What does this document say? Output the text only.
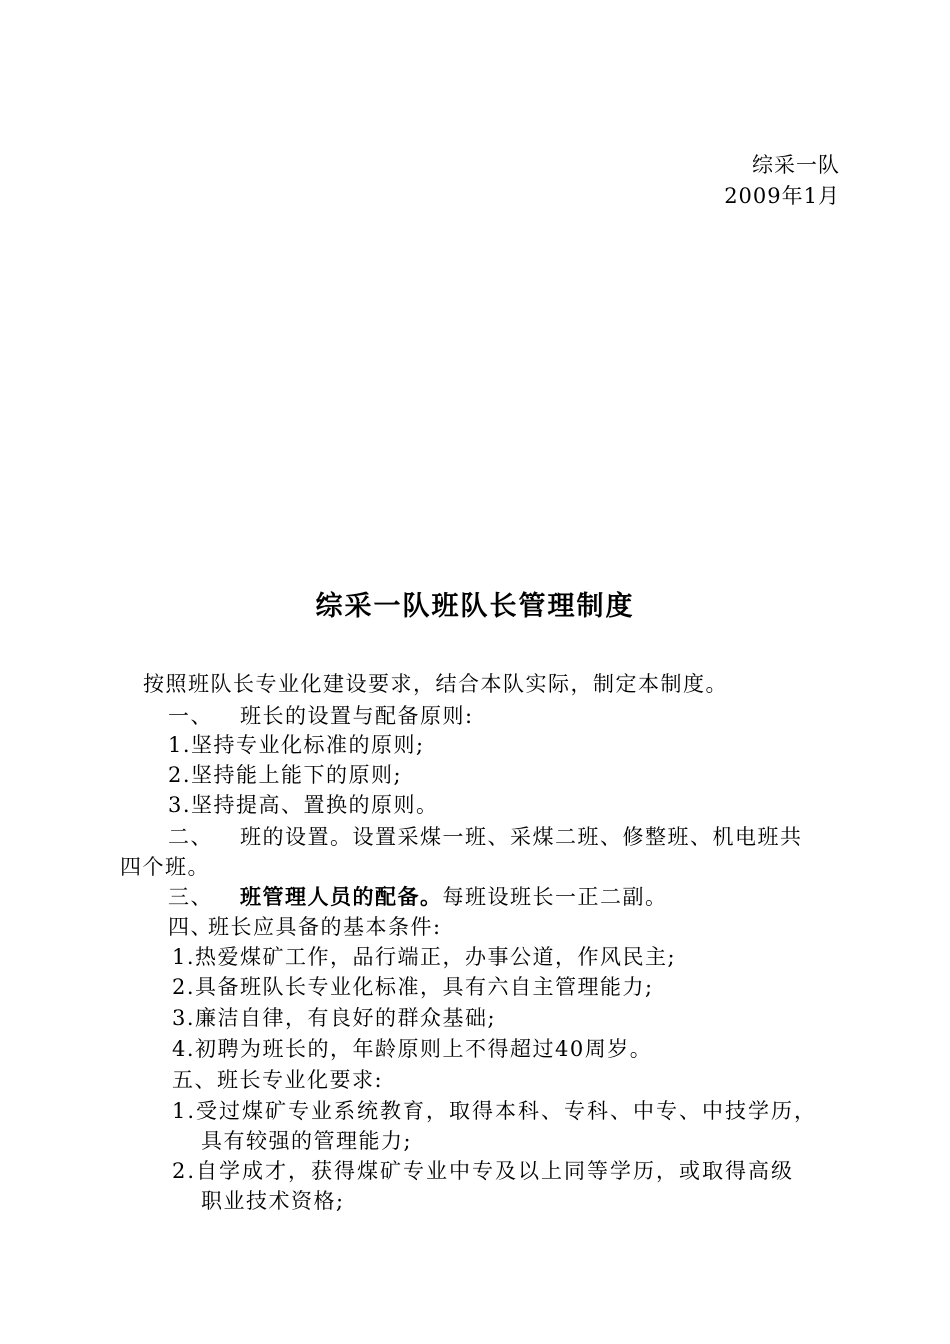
综采一队
2009年1月
综采一队班队长管理制度
按照班队长专业化建设要求，结合本队实际，制定本制度。
一、 班长的设置与配备原则:
1.坚持专业化标准的原则;
2.坚持能上能下的原则;
3.坚持提高、置换的原则。
二、 班的设置。设置采煤一班、采煤二班、修整班、机电班共
四个班。
三、 班管理人员的配备。每班设班长一正二副。
四、班长应具备的基本条件:
1.热爱煤矿工作，品行端正，办事公道，作风民主;
2.具备班队长专业化标准，具有六自主管理能力;
3.廉洁自律，有良好的群众基础;
4.初聘为班长的，年龄原则上不得超过40周岁。
五、班长专业化要求:
1.受过煤矿专业系统教育，取得本科、专科、中专、中技学历，
具有较强的管理能力;
2.自学成才，获得煤矿专业中专及以上同等学历，或取得高级
职业技术资格;
